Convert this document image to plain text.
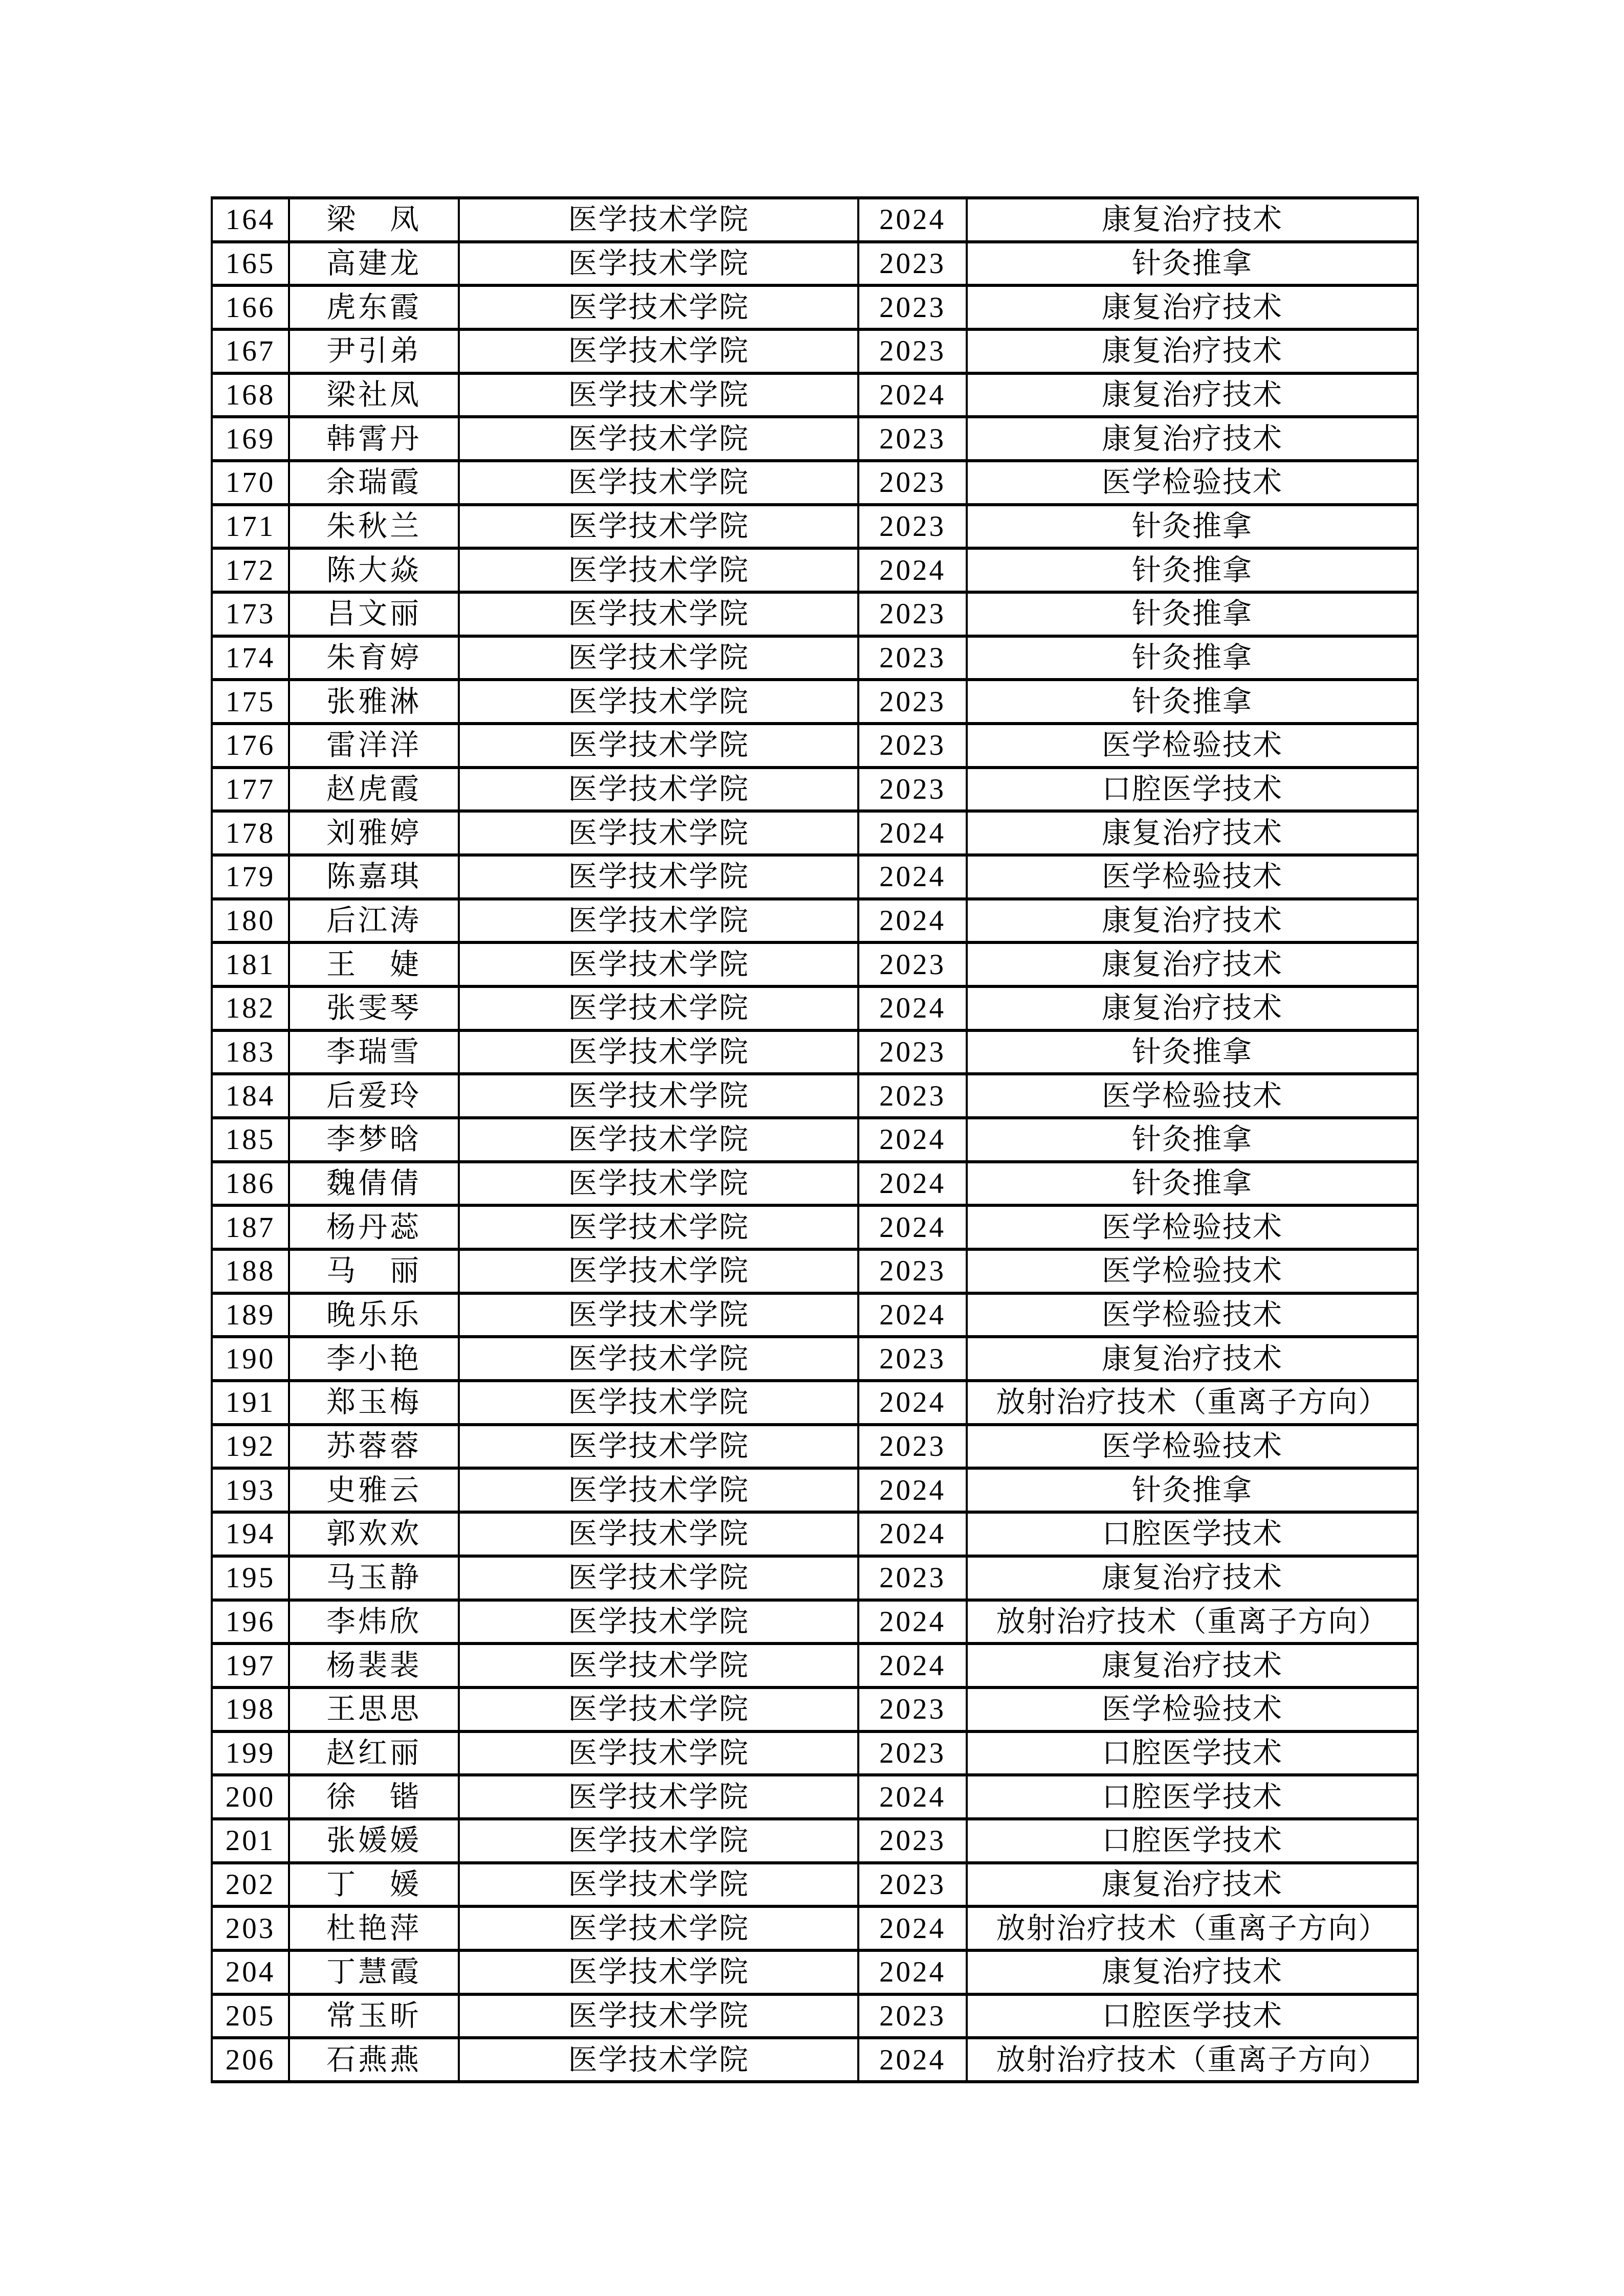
164	梁　凤	医学技术学院	2024	康复治疗技术
165	高建龙	医学技术学院	2023	针灸推拿
166	虎东霞	医学技术学院	2023	康复治疗技术
167	尹引弟	医学技术学院	2023	康复治疗技术
168	梁社凤	医学技术学院	2024	康复治疗技术
169	韩霄丹	医学技术学院	2023	康复治疗技术
170	余瑞霞	医学技术学院	2023	医学检验技术
171	朱秋兰	医学技术学院	2023	针灸推拿
172	陈大焱	医学技术学院	2024	针灸推拿
173	吕文丽	医学技术学院	2023	针灸推拿
174	朱育婷	医学技术学院	2023	针灸推拿
175	张雅淋	医学技术学院	2023	针灸推拿
176	雷洋洋	医学技术学院	2023	医学检验技术
177	赵虎霞	医学技术学院	2023	口腔医学技术
178	刘雅婷	医学技术学院	2024	康复治疗技术
179	陈嘉琪	医学技术学院	2024	医学检验技术
180	后江涛	医学技术学院	2024	康复治疗技术
181	王　婕	医学技术学院	2023	康复治疗技术
182	张雯琴	医学技术学院	2024	康复治疗技术
183	李瑞雪	医学技术学院	2023	针灸推拿
184	后爱玲	医学技术学院	2023	医学检验技术
185	李梦晗	医学技术学院	2024	针灸推拿
186	魏倩倩	医学技术学院	2024	针灸推拿
187	杨丹蕊	医学技术学院	2024	医学检验技术
188	马　丽	医学技术学院	2023	医学检验技术
189	晚乐乐	医学技术学院	2024	医学检验技术
190	李小艳	医学技术学院	2023	康复治疗技术
191	郑玉梅	医学技术学院	2024	放射治疗技术（重离子方向）
192	苏蓉蓉	医学技术学院	2023	医学检验技术
193	史雅云	医学技术学院	2024	针灸推拿
194	郭欢欢	医学技术学院	2024	口腔医学技术
195	马玉静	医学技术学院	2023	康复治疗技术
196	李炜欣	医学技术学院	2024	放射治疗技术（重离子方向）
197	杨裴裴	医学技术学院	2024	康复治疗技术
198	王思思	医学技术学院	2023	医学检验技术
199	赵红丽	医学技术学院	2023	口腔医学技术
200	徐　锴	医学技术学院	2024	口腔医学技术
201	张媛媛	医学技术学院	2023	口腔医学技术
202	丁　媛	医学技术学院	2023	康复治疗技术
203	杜艳萍	医学技术学院	2024	放射治疗技术（重离子方向）
204	丁慧霞	医学技术学院	2024	康复治疗技术
205	常玉昕	医学技术学院	2023	口腔医学技术
206	石燕燕	医学技术学院	2024	放射治疗技术（重离子方向）
